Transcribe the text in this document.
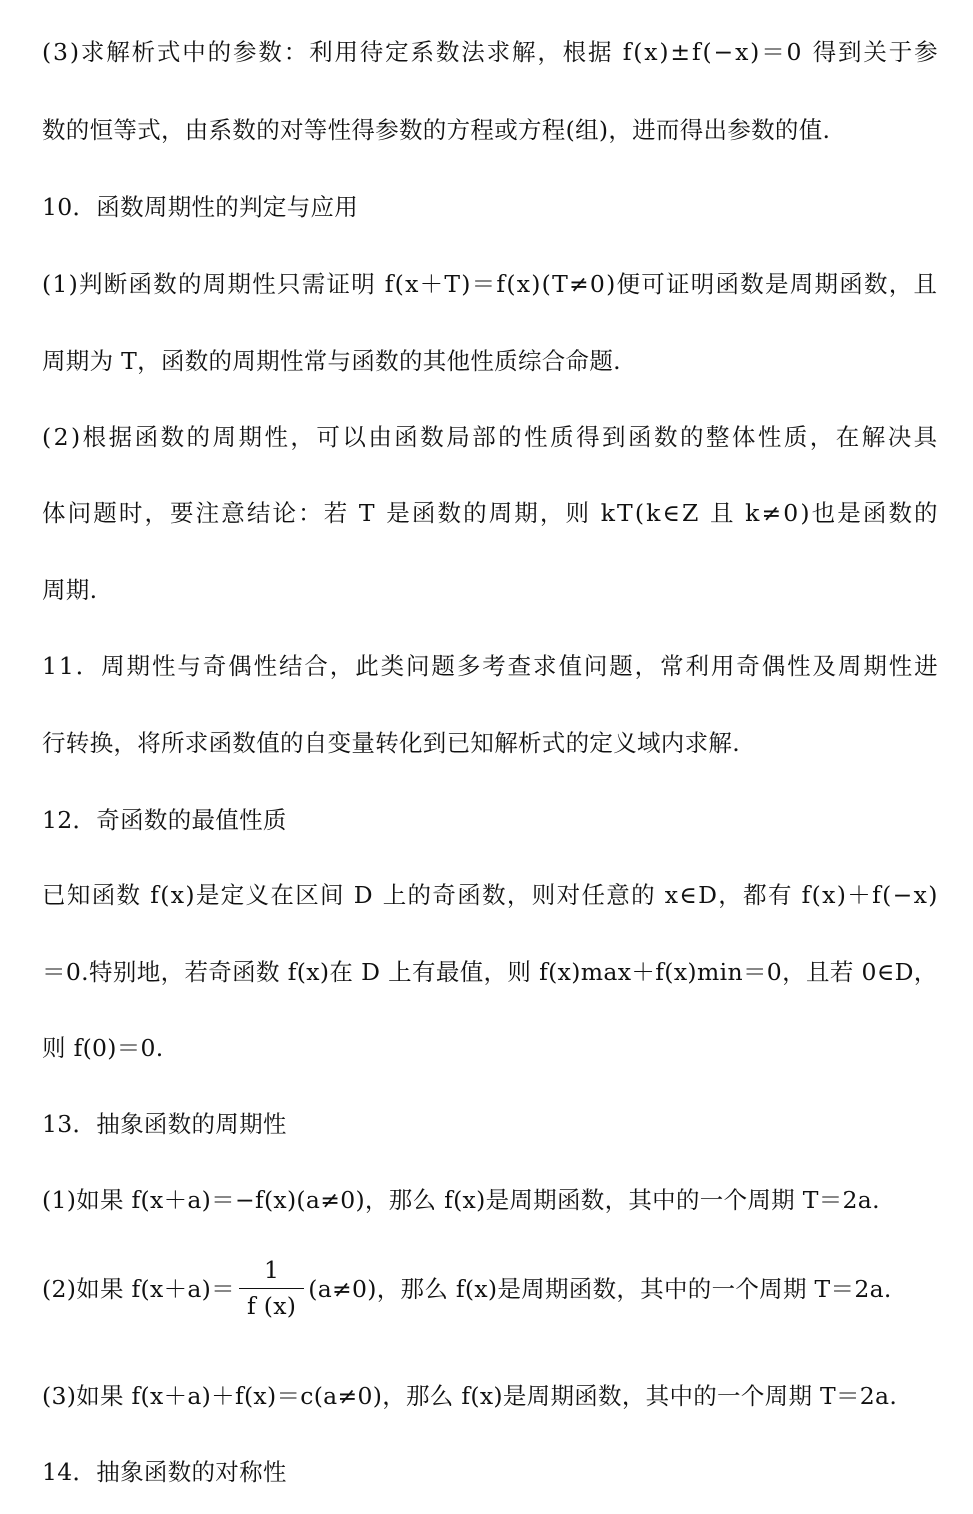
( 3 ) 求 解 析 式 中 的 参 数 ： 利 用 待 定 系 数 法 求 解 ， 根 据
f ( x ) ± f ( − x ) ＝ 0
得 到 关 于 参
数的恒等式，由系数的对等性得参数的方程或方程(组)，进而得出参数的值.
10．函数周期性的判定与应用
( 1 ) 判 断 函 数 的 周 期 性 只 需 证 明
f ( x ＋ T ) ＝ f ( x ) ( T ≠ 0 ) 便 可 证 明 函 数 是 周 期 函 数 ， 且
周期为 T，函数的周期性常与函数的其他性质综合命题.
( 2 ) 根 据 函 数 的 周 期 性 ， 可 以 由 函 数 局 部 的 性 质 得 到 函 数 的 整 体 性 质 ， 在 解 决 具
体 问 题 时 ， 要 注 意 结 论 ： 若
T
是 函 数 的 周 期 ， 则
k T ( k ∈ Z
且
k ≠ 0 ) 也 是 函 数 的
周期.
1 1 ． 周 期 性 与 奇 偶 性 结 合 ， 此 类 问 题 多 考 查 求 值 问 题 ， 常 利 用 奇 偶 性 及 周 期 性 进
行转换，将所求函数值的自变量转化到已知解析式的定义域内求解.
12．奇函数的最值性质
已 知 函 数
f ( x ) 是 定 义 在 区 间
D
上 的 奇 函 数 ， 则 对 任 意 的
x ∈ D ， 都 有
f ( x ) ＋ f ( − x )
＝ 0 . 特 别 地 ， 若 奇 函 数
f ( x ) 在
D
上 有 最 值 ， 则
f ( x ) m a x ＋ f ( x ) m i n ＝ 0 ， 且 若
0 ∈ D ，
则 f(0)＝0.
13．抽象函数的周期性
(1)如果 f(x＋a)＝−f(x)(a≠0)，那么 f(x)是周期函数，其中的一个周期 T＝2a.
(3)如果 f(x＋a)＋f(x)＝c(a≠0)，那么 f(x)是周期函数，其中的一个周期 T＝2a.
14．抽象函数的对称性
(2)如果 $f(x+a)= \frac{1}{f (x)} (a\ne 0)$，那么 f(x)是周期函数，其中的一个周期 T＝2a.
